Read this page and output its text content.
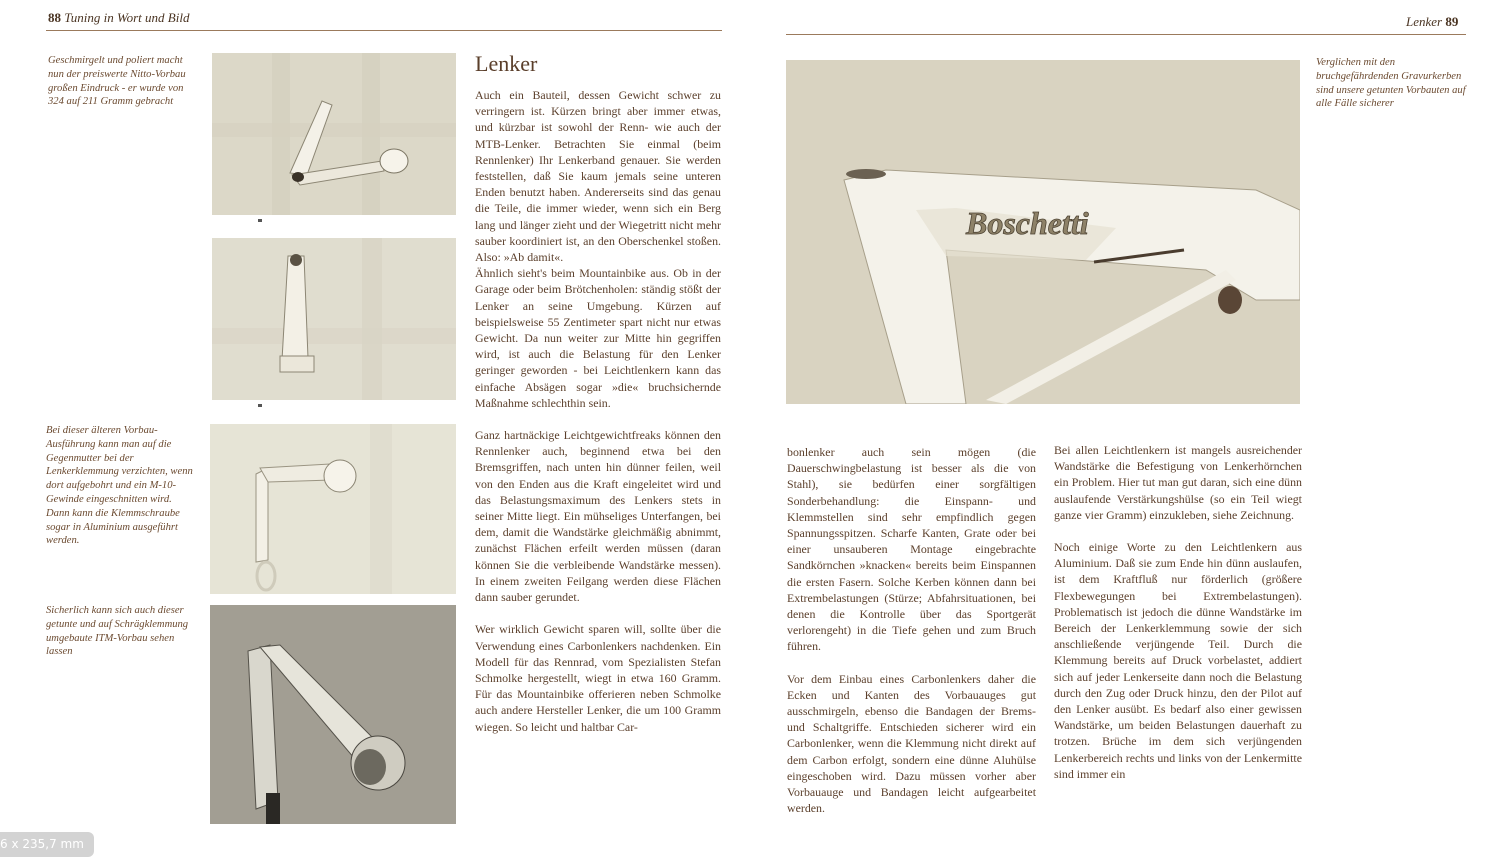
88 Tuning in Wort und Bild
Geschmirgelt und poliert macht nun der preiswerte Nitto-Vorbau großen Eindruck - er wurde von 324 auf 211 Gramm gebracht
Bei dieser älteren Vorbau-Ausführung kann man auf die Gegenmutter bei der Lenkerklemmung verzichten, wenn dort aufgebohrt und ein M-10-Gewinde eingeschnitten wird. Dann kann die Klemmschraube sogar in Aluminium ausgeführt werden.
Sicherlich kann sich auch dieser getunte und auf Schrägklemmung umgebaute ITM-Vorbau sehen lassen
Lenker

Auch ein Bauteil, dessen Gewicht schwer zu verringern ist. Kürzen bringt aber immer etwas, und kürzbar ist sowohl der Renn- wie auch der MTB-Lenker. Betrachten Sie einmal (beim Rennlenker) Ihr Lenkerband genauer. Sie werden feststellen, daß Sie kaum jemals seine unteren Enden benutzt haben. Andererseits sind das genau die Teile, die immer wieder, wenn sich ein Berg lang und länger zieht und der Wiegetritt nicht mehr sauber koordiniert ist, an den Oberschenkel stoßen. Also: »Ab damit«.

Ähnlich sieht's beim Mountainbike aus. Ob in der Garage oder beim Brötchenholen: ständig stößt der Lenker an seine Umgebung. Kürzen auf beispielsweise 55 Zentimeter spart nicht nur etwas Gewicht. Da nun weiter zur Mitte hin gegriffen wird, ist auch die Belastung für den Lenker geringer geworden - bei Leichtlenkern kann das einfache Absägen sogar »die« bruchsichernde Maßnahme schlechthin sein.

Ganz hartnäckige Leichtgewichtfreaks können den Rennlenker auch, beginnend etwa bei den Bremsgriffen, nach unten hin dünner feilen, weil von den Enden aus die Kraft eingeleitet wird und das Belastungsmaximum des Lenkers stets in seiner Mitte liegt. Ein mühseliges Unterfangen, bei dem, damit die Wandstärke gleichmäßig abnimmt, zunächst Flächen erfeilt werden müssen (daran können Sie die verbleibende Wandstärke messen). In einem zweiten Feilgang werden diese Flächen dann sauber gerundet.

Wer wirklich Gewicht sparen will, sollte über die Verwendung eines Carbonlenkers nachdenken. Ein Modell für das Rennrad, vom Spezialisten Stefan Schmolke hergestellt, wiegt in etwa 160 Gramm. Für das Mountainbike offerieren neben Schmolke auch andere Hersteller Lenker, die um 100 Gramm wiegen. So leicht und haltbar Car-

Lenker 89
Boschetti
Verglichen mit den bruchgefährdenden Gravurkerben sind unsere getunten Vorbauten auf alle Fälle sicherer

bonlenker auch sein mögen (die Dauerschwingbelastung ist besser als die von Stahl), sie bedürfen einer sorgfältigen Sonderbehandlung: die Einspann- und Klemmstellen sind sehr empfindlich gegen Spannungsspitzen. Scharfe Kanten, Grate oder bei einer unsauberen Montage eingebrachte Sandkörnchen »knacken« bereits beim Einspannen die ersten Fasern. Solche Kerben können dann bei Extrembelastungen (Stürze; Abfahrsituationen, bei denen die Kontrolle über das Sportgerät verlorengeht) in die Tiefe gehen und zum Bruch führen.

Vor dem Einbau eines Carbonlenkers daher die Ecken und Kanten des Vorbauauges gut ausschmirgeln, ebenso die Bandagen der Brems- und Schaltgriffe. Entschieden sicherer wird ein Carbonlenker, wenn die Klemmung nicht direkt auf dem Carbon erfolgt, sondern eine dünne Aluhülse eingeschoben wird. Dazu müssen vorher aber Vorbauauge und Bandagen leicht aufgearbeitet werden.

Bei allen Leichtlenkern ist mangels ausreichender Wandstärke die Befestigung von Lenkerhörnchen ein Problem. Hier tut man gut daran, sich eine dünn auslaufende Verstärkungshülse (so ein Teil wiegt ganze vier Gramm) einzukleben, siehe Zeichnung.

Noch einige Worte zu den Leichtlenkern aus Aluminium. Daß sie zum Ende hin dünn auslaufen, ist dem Kraftfluß nur förderlich (größere Flexbewegungen bei Extrembelastungen). Problematisch ist jedoch die dünne Wandstärke im Bereich der Lenkerklemmung sowie der sich anschließende verjüngende Teil. Durch die Klemmung bereits auf Druck vorbelastet, addiert sich auf jeder Lenkerseite dann noch die Belastung durch den Zug oder Druck hinzu, den der Pilot auf den Lenker ausübt. Es bedarf also einer gewissen Wandstärke, um beiden Belastungen dauerhaft zu trotzen. Brüche im dem sich verjüngenden Lenkerbereich rechts und links von der Lenkermitte sind immer ein

6 x 235,7 mm
